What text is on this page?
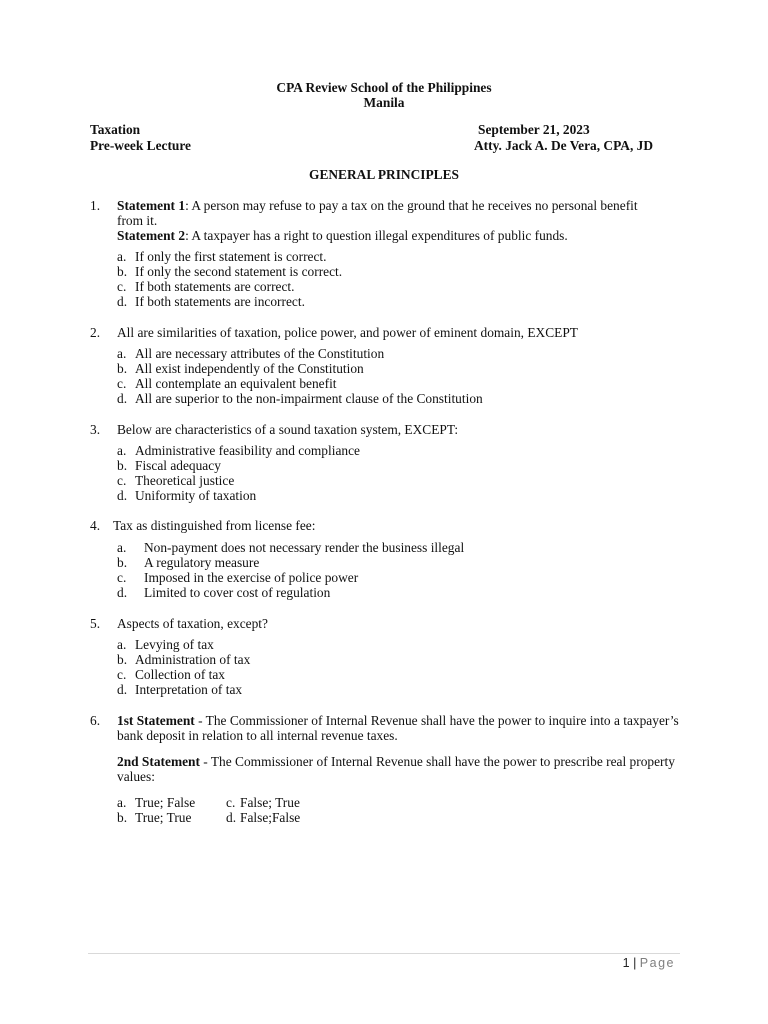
CPA Review School of the Philippines
Manila
Taxation	September 21, 2023
Pre-week Lecture	Atty. Jack A. De Vera, CPA, JD
GENERAL PRINCIPLES
1. Statement 1: A person may refuse to pay a tax on the ground that he receives no personal benefit from it.
Statement 2: A taxpayer has a right to question illegal expenditures of public funds.
a. If only the first statement is correct.
b. If only the second statement is correct.
c. If both statements are correct.
d. If both statements are incorrect.
2. All are similarities of taxation, police power, and power of eminent domain, EXCEPT
a. All are necessary attributes of the Constitution
b. All exist independently of the Constitution
c. All contemplate an equivalent benefit
d. All are superior to the non-impairment clause of the Constitution
3. Below are characteristics of a sound taxation system, EXCEPT:
a. Administrative feasibility and compliance
b. Fiscal adequacy
c. Theoretical justice
d. Uniformity of taxation
4. Tax as distinguished from license fee:
a. Non-payment does not necessary render the business illegal
b. A regulatory measure
c. Imposed in the exercise of police power
d. Limited to cover cost of regulation
5. Aspects of taxation, except?
a. Levying of tax
b. Administration of tax
c. Collection of tax
d. Interpretation of tax
6. 1st Statement - The Commissioner of Internal Revenue shall have the power to inquire into a taxpayer’s bank deposit in relation to all internal revenue taxes.
2nd Statement - The Commissioner of Internal Revenue shall have the power to prescribe real property values:
a. True; False
b. True; True
c. False; True
d. False;False
1 | Page
